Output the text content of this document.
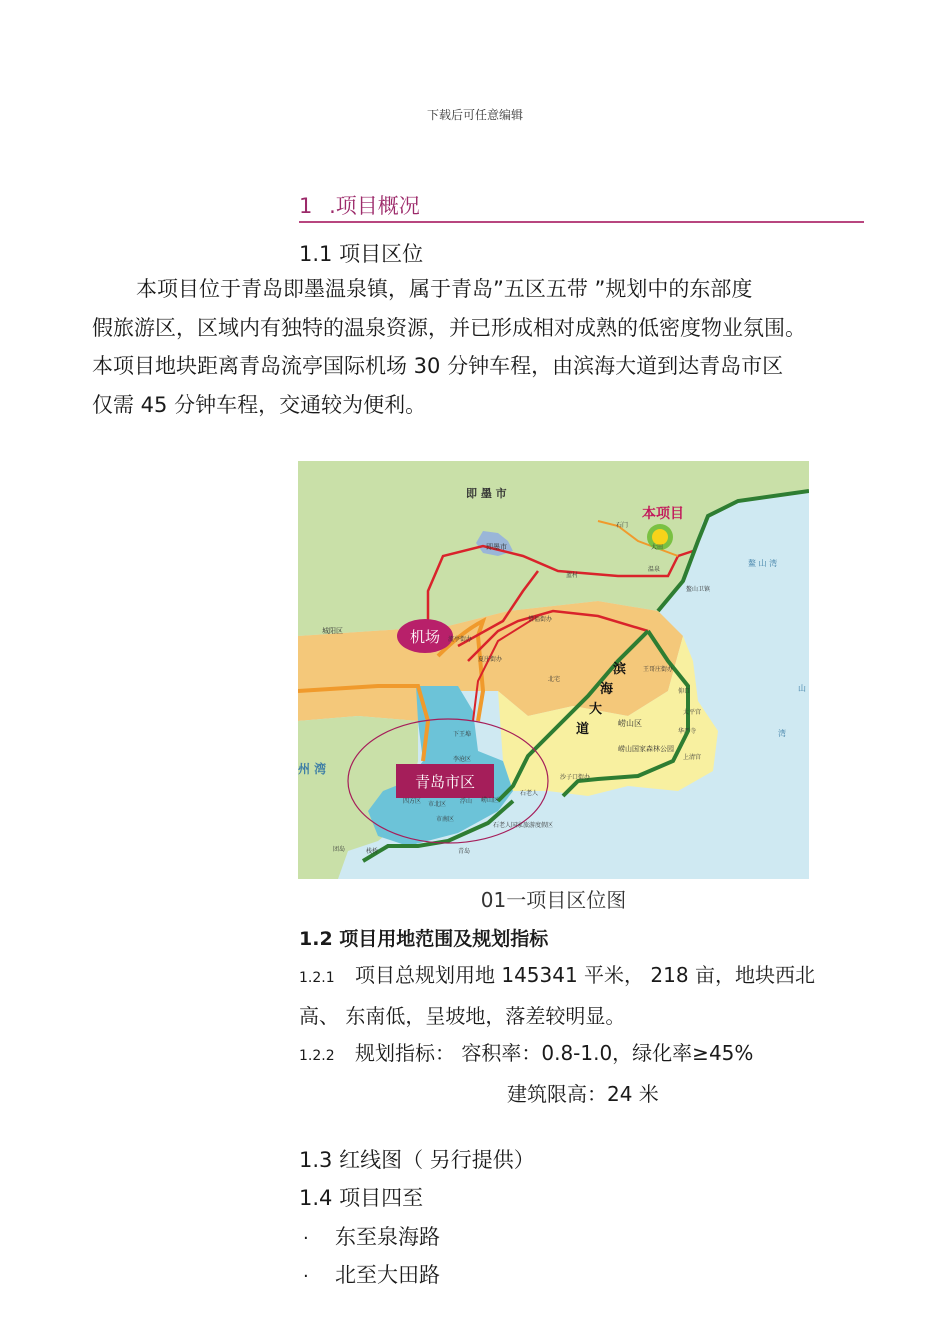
下载后可任意编辑
1 .项目概况
1.1 项目区位
本项目位于青岛即墨温泉镇，属于青岛”五区五带 ”规划中的东部度
假旅游区，区域内有独特的温泉资源，并已形成相对成熟的低密度物业氛围。
本项目地块距离青岛流亭国际机场 30 分钟车程，由滨海大道到达青岛市区
仅需 45 分钟车程，交通较为便利。
机场
青岛市区
即 墨 市
即墨市
本项目
城阳区
崂山区
崂山国家森林公园
鳌 山 湾
州 湾
山
湾
滨
海
大
道
石门
温泉
鳌山卫镇
流亭街办
夏庄街办
惜福街办
王哥庄街办
北宅
李沧区
下王埠
沙子口街办
石老人
崂山区
浮山
市北区
市南区
四方区
团岛	栈桥	青岛
上清宫
太平宫
华严寺
仰口
石老人国家旅游度假区
蓝村
大田
01一项目区位图
1.2 项目用地范围及规划指标
1.2.1 项目总规划用地 145341 平米， 218 亩，地块西北
高、 东南低，呈坡地，落差较明显。
1.2.2 规划指标： 容积率：0.8-1.0，绿化率≥45%
建筑限高：24 米
1.3 红线图（ 另行提供）
1.4 项目四至
· 东至泉海路
· 北至大田路
